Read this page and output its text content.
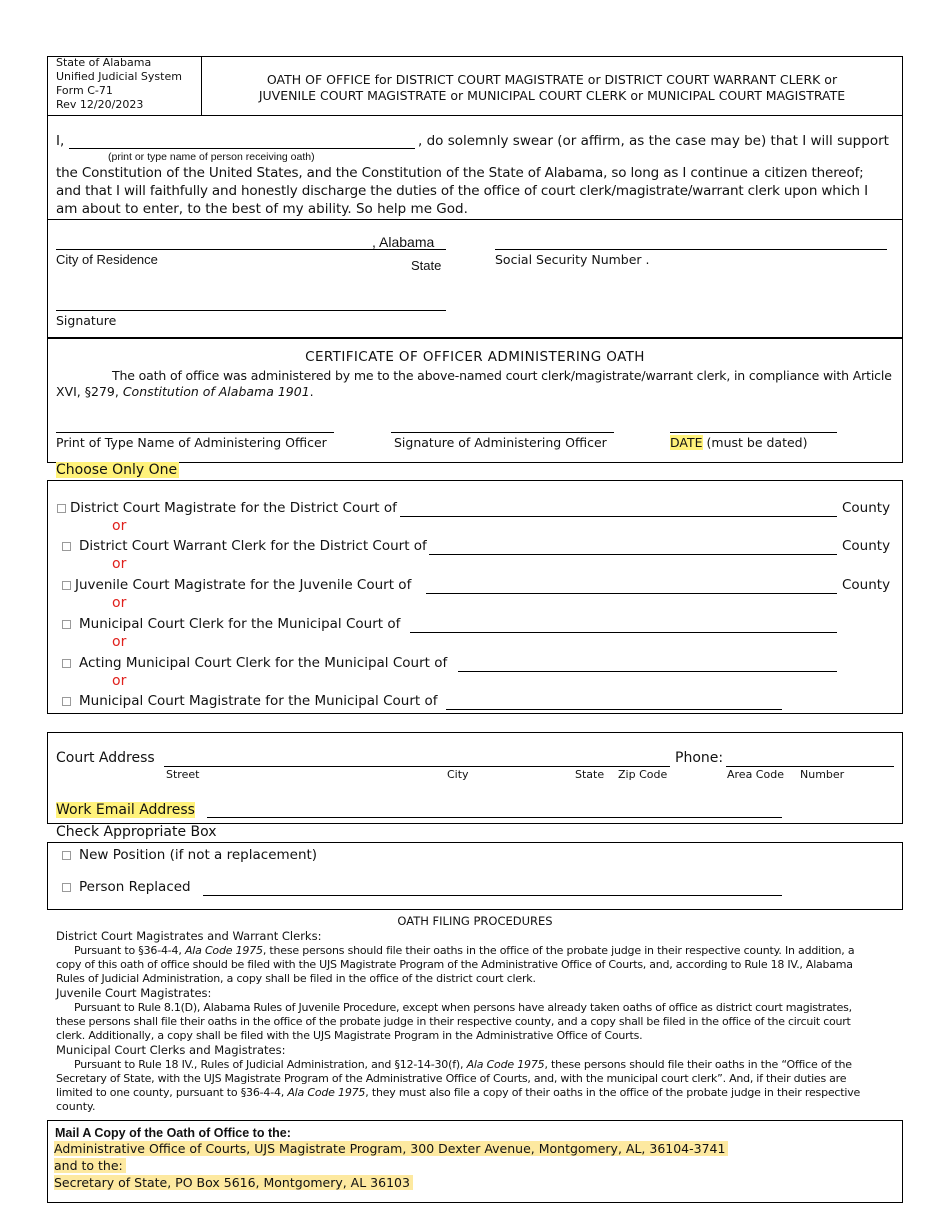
State of Alabama
Unified Judicial System
Form C-71
Rev 12/20/2023
OATH OF OFFICE for DISTRICT COURT MAGISTRATE or DISTRICT COURT WARRANT CLERK or
JUVENILE COURT MAGISTRATE or MUNICIPAL COURT CLERK or MUNICIPAL COURT MAGISTRATE
I,	, do solemnly swear (or affirm, as the case may be) that I will support
(print or type name of person receiving oath)
the Constitution of the United States, and the Constitution of the State of Alabama, so long as I continue a citizen thereof;
and that I will faithfully and honestly discharge the duties of the office of court clerk/magistrate/warrant clerk upon which I
am about to enter, to the best of my ability. So help me God.
, Alabama
City of Residence	State	Social Security Number .
Signature
CERTIFICATE OF OFFICER ADMINISTERING OATH
The oath of office was administered by me to the above-named court clerk/magistrate/warrant clerk, in compliance with Article
XVI, §279, Constitution of Alabama 1901.
Print of Type Name of Administering Officer	Signature of Administering Officer	DATE (must be dated)
Choose Only One
District Court Magistrate for the District Court of	County
or
District Court Warrant Clerk for the District Court of	County
or
Juvenile Court Magistrate for the Juvenile Court of	County
or
Municipal Court Clerk for the Municipal Court of
or
Acting Municipal Court Clerk for the Municipal Court of
or
Municipal Court Magistrate for the Municipal Court of
Court Address	Phone:
Street	City	State Zip Code	Area Code Number
Work Email Address
Check Appropriate Box
New Position (if not a replacement)
Person Replaced
OATH FILING PROCEDURES
District Court Magistrates and Warrant Clerks:
Pursuant to §36-4-4, Ala Code 1975, these persons should file their oaths in the office of the probate judge in their respective county. In addition, a
copy of this oath of office should be filed with the UJS Magistrate Program of the Administrative Office of Courts, and, according to Rule 18 IV., Alabama
Rules of Judicial Administration, a copy shall be filed in the office of the district court clerk.
Juvenile Court Magistrates:
Pursuant to Rule 8.1(D), Alabama Rules of Juvenile Procedure, except when persons have already taken oaths of office as district court magistrates,
these persons shall file their oaths in the office of the probate judge in their respective county, and a copy shall be filed in the office of the circuit court
clerk. Additionally, a copy shall be filed with the UJS Magistrate Program in the Administrative Office of Courts.
Municipal Court Clerks and Magistrates:
Pursuant to Rule 18 IV., Rules of Judicial Administration, and §12-14-30(f), Ala Code 1975, these persons should file their oaths in the “Office of the
Secretary of State, with the UJS Magistrate Program of the Administrative Office of Courts, and, with the municipal court clerk”. And, if their duties are
limited to one county, pursuant to §36-4-4, Ala Code 1975, they must also file a copy of their oaths in the office of the probate judge in their respective
county.
Mail A Copy of the Oath of Office to the:
Administrative Office of Courts, UJS Magistrate Program, 300 Dexter Avenue, Montgomery, AL, 36104-3741
and to the:
Secretary of State, PO Box 5616, Montgomery, AL 36103
